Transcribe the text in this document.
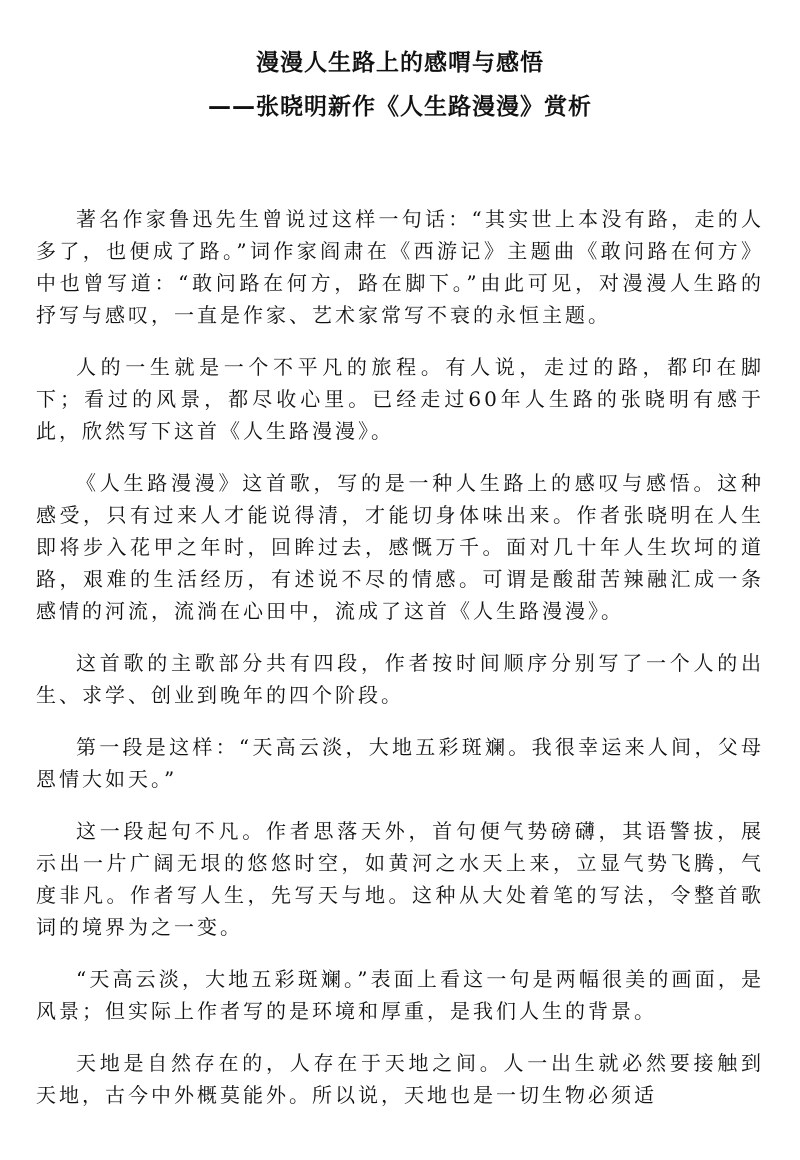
漫漫人生路上的感喟与感悟
——张晓明新作《人生路漫漫》赏析

著名作家鲁迅先生曾说过这样一句话：“其实世上本没有路，走的人多了，也便成了路。”词作家阎肃在《西游记》主题曲《敢问路在何方》中也曾写道：“敢问路在何方，路在脚下。”由此可见，对漫漫人生路的抒写与感叹，一直是作家、艺术家常写不衰的永恒主题。

人的一生就是一个不平凡的旅程。有人说，走过的路，都印在脚下；看过的风景，都尽收心里。已经走过60年人生路的张晓明有感于此，欣然写下这首《人生路漫漫》。

《人生路漫漫》这首歌，写的是一种人生路上的感叹与感悟。这种感受，只有过来人才能说得清，才能切身体味出来。作者张晓明在人生即将步入花甲之年时，回眸过去，感慨万千。面对几十年人生坎坷的道路，艰难的生活经历，有述说不尽的情感。可谓是酸甜苦辣融汇成一条感情的河流，流淌在心田中，流成了这首《人生路漫漫》。

这首歌的主歌部分共有四段，作者按时间顺序分别写了一个人的出生、求学、创业到晚年的四个阶段。

第一段是这样：“天高云淡，大地五彩斑斓。我很幸运来人间，父母恩情大如天。”

这一段起句不凡。作者思落天外，首句便气势磅礴，其语警拔，展示出一片广阔无垠的悠悠时空，如黄河之水天上来，立显气势飞腾，气度非凡。作者写人生，先写天与地。这种从大处着笔的写法，令整首歌词的境界为之一变。

“天高云淡，大地五彩斑斓。”表面上看这一句是两幅很美的画面，是风景；但实际上作者写的是环境和厚重，是我们人生的背景。

天地是自然存在的，人存在于天地之间。人一出生就必然要接触到天地，古今中外概莫能外。所以说，天地也是一切生物必须适
